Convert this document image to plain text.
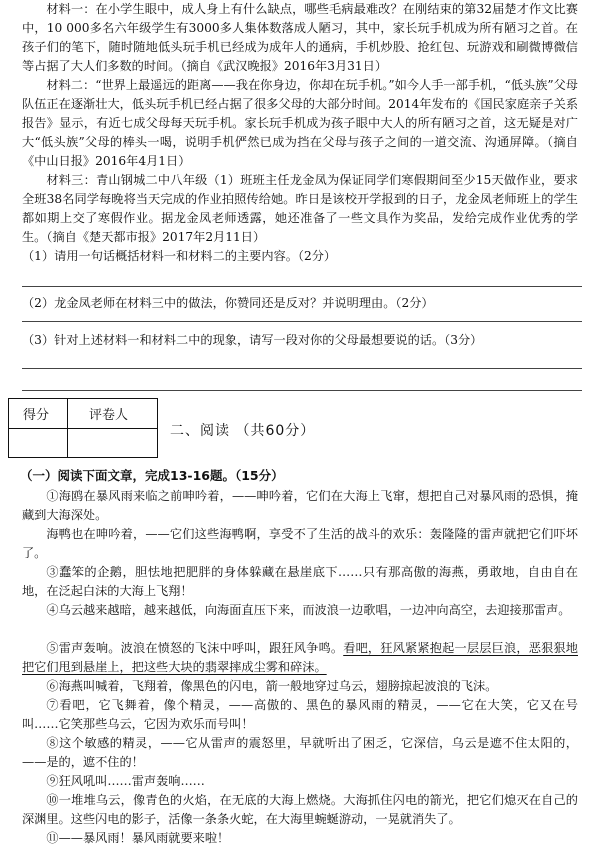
材料一：在小学生眼中，成人身上有什么缺点，哪些毛病最难改？在刚结束的第32届楚才作文比赛中，10 000多名六年级学生有3000多人集体数落成人陋习，其中，家长玩手机成为所有陋习之首。在孩子们的笔下，随时随地低头玩手机已经成为成年人的通病，手机炒股、抢红包、玩游戏和刷微博微信等占据了大人们多数的时间。（摘自《武汉晚报》2016年3月31日）

材料二：“世界上最遥远的距离——我在你身边，你却在玩手机。”如今人手一部手机，“低头族”父母队伍正在逐渐壮大，低头玩手机已经占据了很多父母的大部分时间。2014年发布的《国民家庭亲子关系报告》显示，有近七成父母每天玩手机。家长玩手机成为孩子眼中大人的所有陋习之首，这无疑是对广大“低头族”父母的棒头一喝，说明手机俨然已成为挡在父母与孩子之间的一道交流、沟通屏障。（摘自《中山日报》2016年4月1日）

材料三：青山钢城二中八年级（1）班班主任龙金凤为保证同学们寒假期间至少15天做作业，要求全班38名同学每晚将当天完成的作业拍照传给她。昨日是该校开学报到的日子，龙金凤老师班上的学生都如期上交了寒假作业。据龙金凤老师透露，她还准备了一些文具作为奖品，发给完成作业优秀的学生。（摘自《楚天都市报》2017年2月11日）

（1）请用一句话概括材料一和材料二的主要内容。（2分）

（2）龙金凤老师在材料三中的做法，你赞同还是反对？并说明理由。（2分）

（3）针对上述材料一和材料二中的现象，请写一段对你的父母最想要说的话。（3分）

得分	评卷人
二、阅读 （共60分）
（一）阅读下面文章，完成13-16题。（15分）

①海鸥在暴风雨来临之前呻吟着，——呻吟着，它们在大海上飞窜，想把自己对暴风雨的恐惧，掩藏到大海深处。

海鸭也在呻吟着，——它们这些海鸭啊，享受不了生活的战斗的欢乐：轰隆隆的雷声就把它们吓坏了。

③蠢笨的企鹅，胆怯地把肥胖的身体躲藏在悬崖底下……只有那高傲的海燕，勇敢地，自由自在地，在泛起白沫的大海上飞翔！

④乌云越来越暗，越来越低，向海面直压下来，而波浪一边歌唱，一边冲向高空，去迎接那雷声。

⑤雷声轰响。波浪在愤怒的飞沫中呼叫，跟狂风争鸣。看吧，狂风紧紧抱起一层层巨浪，恶狠狠地把它们甩到悬崖上，把这些大块的翡翠摔成尘雾和碎沫。

⑥海燕叫喊着，飞翔着，像黑色的闪电，箭一般地穿过乌云，翅膀掠起波浪的飞沫。

⑦看吧，它飞舞着，像个精灵，——高傲的、黑色的暴风雨的精灵，——它在大笑，它又在号叫……它笑那些乌云，它因为欢乐而号叫！

⑧这个敏感的精灵，——它从雷声的震怒里，早就听出了困乏，它深信，乌云是遮不住太阳的，——是的，遮不住的！

⑨狂风吼叫……雷声轰响……

⑩一堆堆乌云，像青色的火焰，在无底的大海上燃烧。大海抓住闪电的箭光，把它们熄灭在自己的深渊里。这些闪电的影子，活像一条条火蛇，在大海里蜿蜒游动，一晃就消失了。

⑪——暴风雨！暴风雨就要来啦！
